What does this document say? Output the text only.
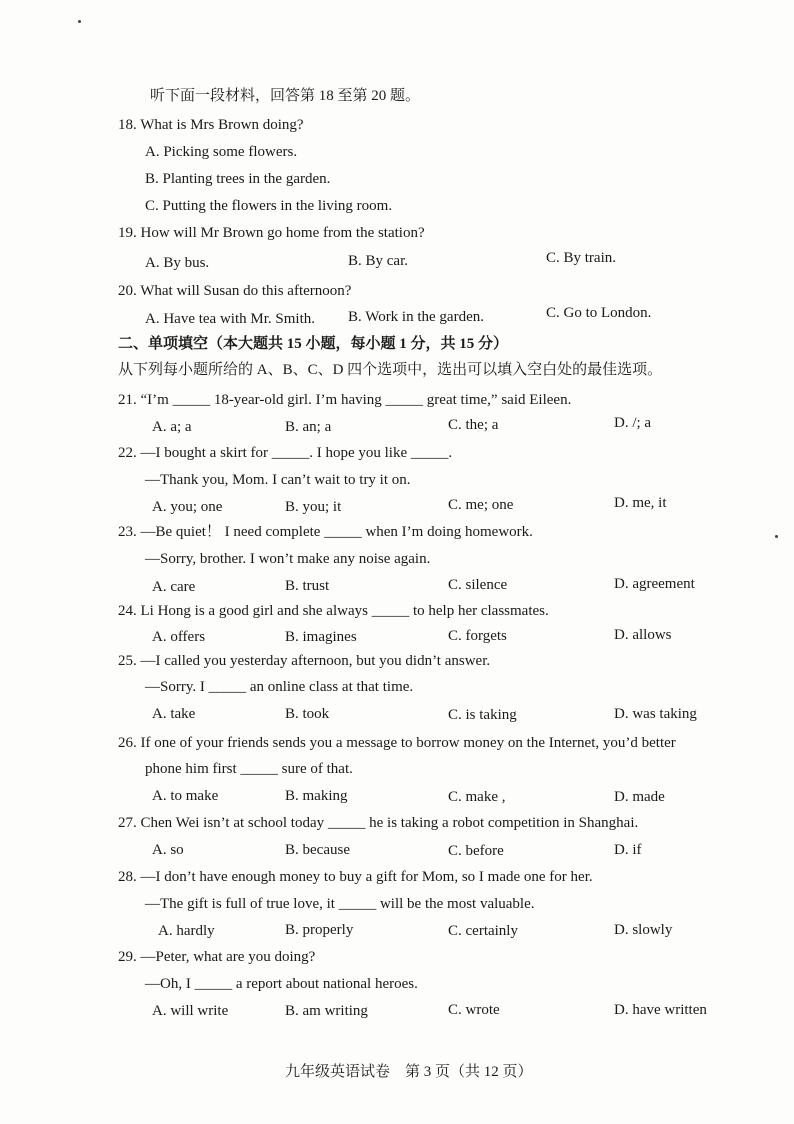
听下面一段材料，回答第 18 至第 20 题。
18. What is Mrs Brown doing?
A. Picking some flowers.
B. Planting trees in the garden.
C. Putting the flowers in the living room.
19. How will Mr Brown go home from the station?
A. By bus.	B. By car.	C. By train.
20. What will Susan do this afternoon?
A. Have tea with Mr. Smith. B. Work in the garden.	C. Go to London.
二、单项填空（本大题共 15 小题，每小题 1 分，共 15 分）
从下列每小题所给的 A、B、C、D 四个选项中，选出可以填入空白处的最佳选项。
21. “I’m _____ 18-year-old girl. I’m having _____ great time,” said Eileen.
A. a; a	B. an; a	C. the; a	D. /; a
22. —I bought a skirt for _____. I hope you like _____.
—Thank you, Mom. I can’t wait to try it on.
A. you; one	B. you; it	C. me; one	D. me, it
23. —Be quiet！ I need complete _____ when I’m doing homework.
—Sorry, brother. I won’t make any noise again.
A. care	B. trust	C. silence	D. agreement
24. Li Hong is a good girl and she always _____ to help her classmates.
A. offers	B. imagines	C. forgets	D. allows
25. —I called you yesterday afternoon, but you didn’t answer.
—Sorry. I _____ an online class at that time.
A. take	B. took	C. is taking	D. was taking
26. If one of your friends sends you a message to borrow money on the Internet, you’d better
phone him first _____ sure of that.
A. to make	B. making	C. make ,	D. made
27. Chen Wei isn’t at school today _____ he is taking a robot competition in Shanghai.
A. so	B. because	C. before	D. if
28. —I don’t have enough money to buy a gift for Mom, so I made one for her.
—The gift is full of true love, it _____ will be the most valuable.
A. hardly	B. properly	C. certainly	D. slowly
29. —Peter, what are you doing?
—Oh, I _____ a report about national heroes.
A. will write	B. am writing	C. wrote	D. have written
九年级英语试卷　第 3 页（共 12 页）
